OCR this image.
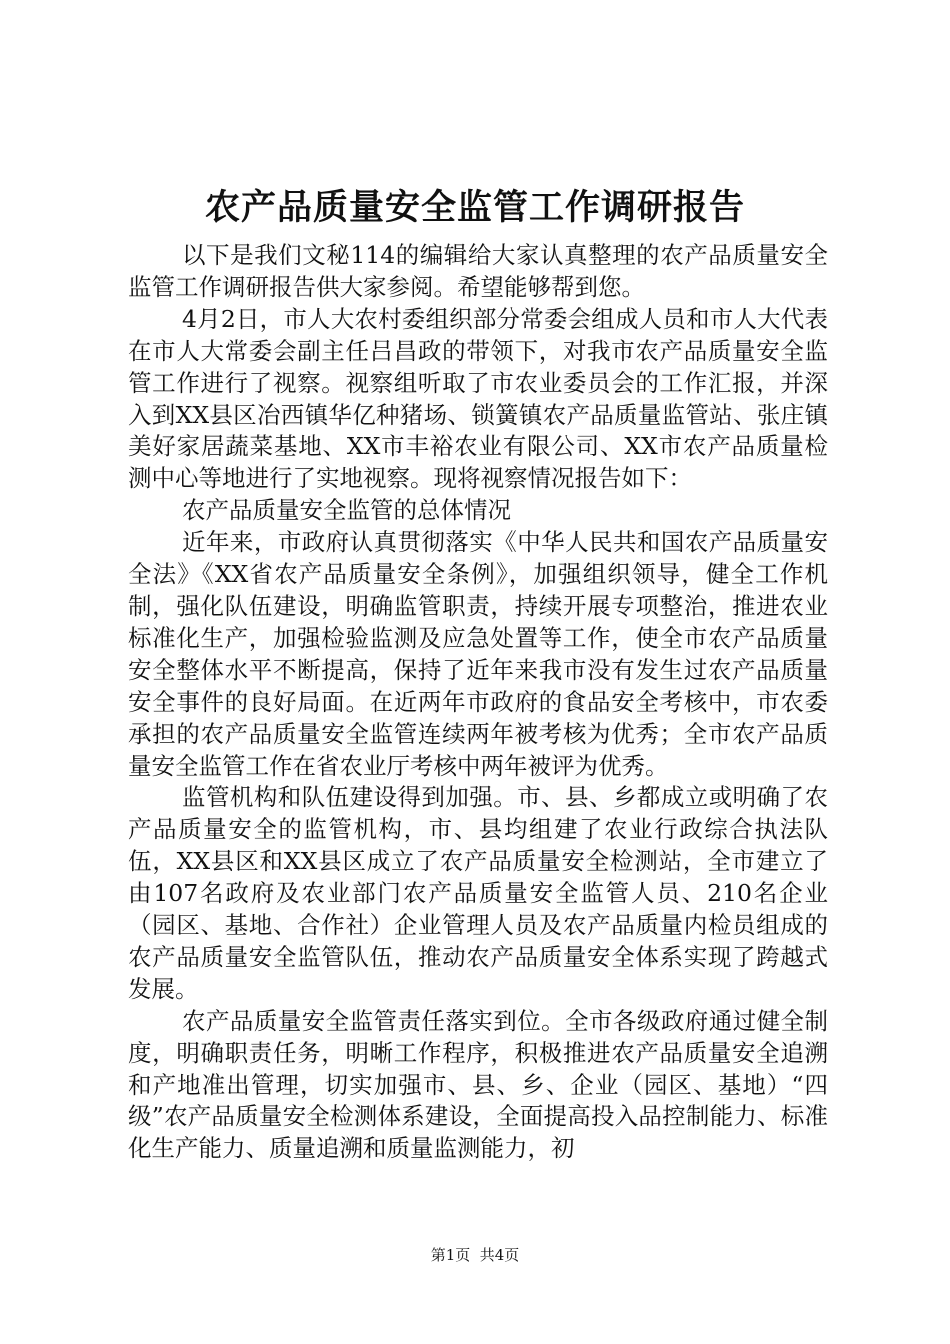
农产品质量安全监管工作调研报告

以下是我们文秘114的编辑给大家认真整理的农产品质量安全监管工作调研报告供大家参阅。希望能够帮到您。

4月2日，市人大农村委组织部分常委会组成人员和市人大代表在市人大常委会副主任吕昌政的带领下，对我市农产品质量安全监管工作进行了视察。视察组听取了市农业委员会的工作汇报，并深入到XX县区冶西镇华亿种猪场、锁簧镇农产品质量监管站、张庄镇美好家居蔬菜基地、XX市丰裕农业有限公司、XX市农产品质量检测中心等地进行了实地视察。现将视察情况报告如下：

农产品质量安全监管的总体情况

近年来，市政府认真贯彻落实《中华人民共和国农产品质量安全法》《XX省农产品质量安全条例》，加强组织领导，健全工作机制，强化队伍建设，明确监管职责，持续开展专项整治，推进农业标准化生产，加强检验监测及应急处置等工作，使全市农产品质量安全整体水平不断提高，保持了近年来我市没有发生过农产品质量安全事件的良好局面。在近两年市政府的食品安全考核中，市农委承担的农产品质量安全监管连续两年被考核为优秀；全市农产品质量安全监管工作在省农业厅考核中两年被评为优秀。

监管机构和队伍建设得到加强。市、县、乡都成立或明确了农产品质量安全的监管机构，市、县均组建了农业行政综合执法队伍，XX县区和XX县区成立了农产品质量安全检测站，全市建立了由107名政府及农业部门农产品质量安全监管人员、210名企业（园区、基地、合作社）企业管理人员及农产品质量内检员组成的农产品质量安全监管队伍，推动农产品质量安全体系实现了跨越式发展。

农产品质量安全监管责任落实到位。全市各级政府通过健全制度，明确职责任务，明晰工作程序，积极推进农产品质量安全追溯和产地准出管理，切实加强市、县、乡、企业（园区、基地）“四级”农产品质量安全检测体系建设，全面提高投入品控制能力、标准化生产能力、质量追溯和质量监测能力，初

第1页  共4页
